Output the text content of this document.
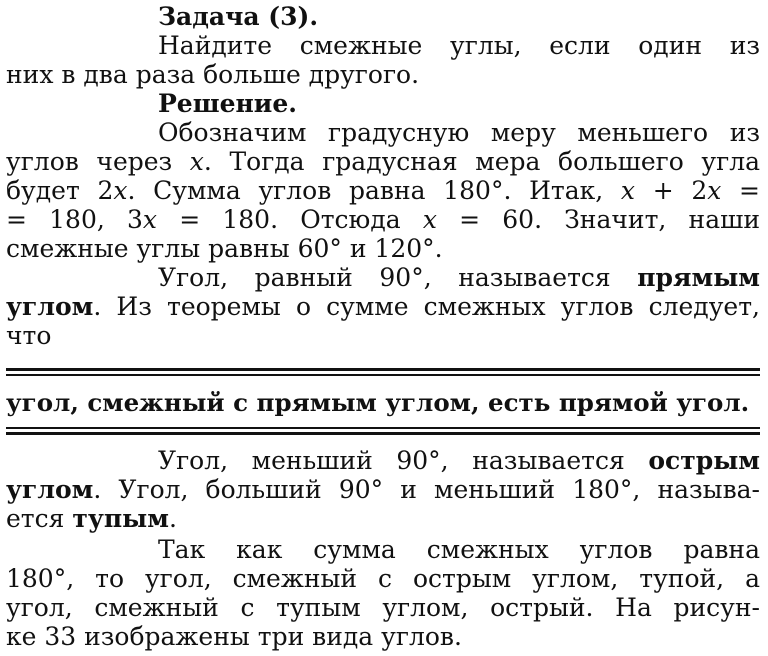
Задача (3).
Найдите смежные углы, если один из
них в два раза больше другого.
Решение.
Обозначим градусную меру меньшего из
углов через x. Тогда градусная мера большего угла
будет 2x. Сумма углов равна 180°. Итак, x + 2x =
= 180, 3x = 180. Отсюда x = 60. Значит, наши
смежные углы равны 60° и 120°.
Угол, равный 90°, называется прямым
углом. Из теоремы о сумме смежных углов следует,
что
угол, смежный с прямым углом, есть прямой угол.
Угол, меньший 90°, называется острым
углом. Угол, больший 90° и меньший 180°, называ-
ется тупым.
Так как сумма смежных углов равна
180°, то угол, смежный с острым углом, тупой, а
угол, смежный с тупым углом, острый. На рисун-
ке 33 изображены три вида углов.
